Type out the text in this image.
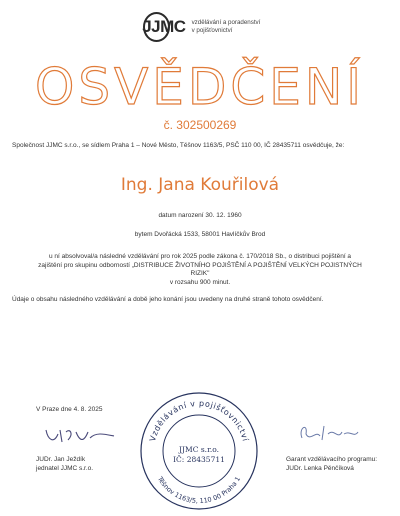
JJMC vzdělávání a poradenství
v pojišťovnictví
OSVĚDČENÍ
č. 302500269
Společnost JJMC s.r.o., se sídlem Praha 1 – Nové Město, Těšnov 1163/5, PSČ 110 00, IČ 28435711 osvědčuje, že:
Ing. Jana Kouřilová
datum narození 30. 12. 1960
bytem Dvořácká 1533, 58001 Havlíčkův Brod
u ní absolvoval/a následné vzdělávání pro rok 2025 podle zákona č. 170/2018 Sb., o distribuci pojištění a
zajištění pro skupinu odborností „DISTRIBUCE ŽIVOTNÍHO POJIŠTĚNÍ A POJIŠTĚNÍ VELKÝCH POJISTNÝCH RIZIK"
v rozsahu 900 minut.
Údaje o obsahu následného vzdělávání a době jeho konání jsou uvedeny na druhé straně tohoto osvědčení.
V Praze dne 4. 8. 2025
JUDr. Jan Ježdík
jednatel JJMC s.r.o.
Garant vzdělávacího programu:
JUDr. Lenka Pěnčíková
Vzdělávání v pojišťovnictví
Těšnov 1163/5, 110 00 Praha 1
JJMC s.r.o.
IČ: 28435711
